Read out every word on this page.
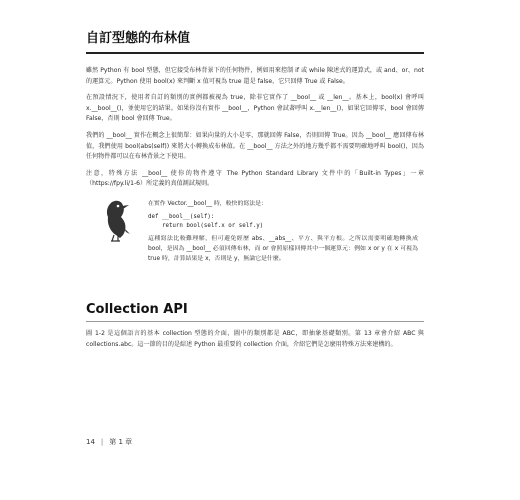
自訂型態的布林值

雖然 Python 有 bool 型態，但它接受布林背景下的任何物件，例如用來控制 if 或 while 陳述式的運算式，或 and、or、not 的運算元。Python 使用 bool(x) 來判斷 x 值可視為 true 還是 false，它只回傳 True 或 False。

在預設情況下，使用者自訂的類別的實例都被視為 true，除非它實作了 __bool__ 或 __len__。基本上，bool(x) 會呼叫 x.__bool__()，並使用它的結果。如果你沒有實作 __bool__，Python 會試著呼叫 x.__len__()，如果它回傳零，bool 會回傳 False，否則 bool 會回傳 True。

我們的 __bool__ 實作在概念上很簡單：如果向量的大小是零，那就回傳 False，否則回傳 True。因為 __bool__ 應回傳布林值，我們使用 bool(abs(self)) 來將大小轉換成布林值。在 __bool__ 方法之外的地方幾乎都不需要明確地呼叫 bool()，因為任何物件都可以在布林背景之下使用。

注意，特殊方法 __bool__ 使你的物件遵守 The Python Standard Library 文件中的「Built-in Types」一章（https://fpy.li/1-6）所定義的真值測試規則。

在實作 Vector.__bool__ 時，較快的寫法是：

def __bool__(self):
return bool(self.x or self.y)

這種寫法比較難理解，但可避免經歷 abs、__abs__、平方、與平方根。之所以需要明確地轉換成 bool，是因為 __bool__ 必須回傳布林，而 or 會照原樣回傳其中一個運算元：例如 x or y 在 x 可視為 true 時，計算結果是 x，否則是 y，無論它是什麼。

Collection API

圖 1-2 是這個語言的基本 collection 型態的介面，圖中的類別都是 ABC，即抽象基礎類別。第 13 章會介紹 ABC 與 collections.abc。這一節的目的是綜述 Python 最重要的 collection 介面，介紹它們是怎麼用特殊方法來建構的。

14 | 第 1 章
